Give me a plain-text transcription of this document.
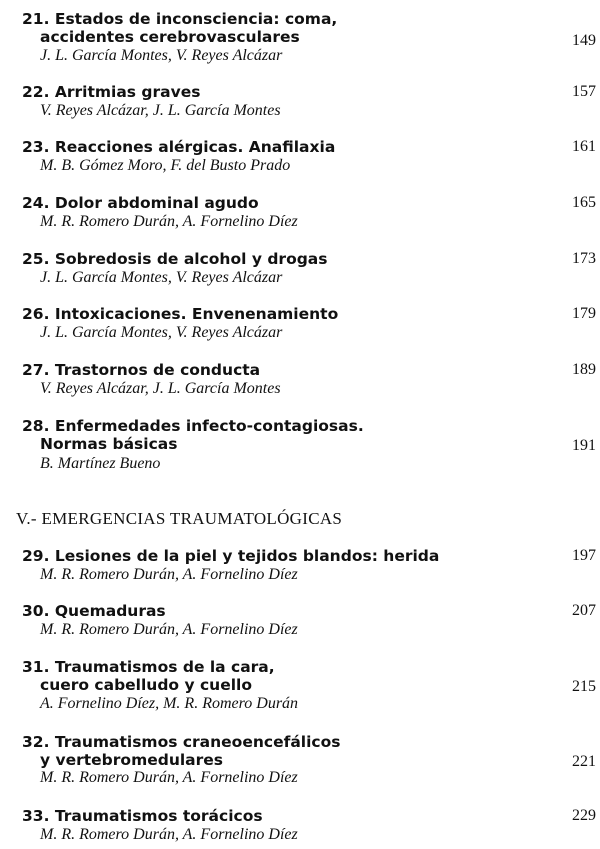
21. Estados de inconsciencia: coma,
accidentes cerebrovasculares	149
J. L. García Montes, V. Reyes Alcázar
22. Arritmias graves	157
V. Reyes Alcázar, J. L. García Montes
23. Reacciones alérgicas. Anafilaxia	161
M. B. Gómez Moro, F. del Busto Prado
24. Dolor abdominal agudo	165
M. R. Romero Durán, A. Fornelino Díez
25. Sobredosis de alcohol y drogas	173
J. L. García Montes, V. Reyes Alcázar
26. Intoxicaciones. Envenenamiento	179
J. L. García Montes, V. Reyes Alcázar
27. Trastornos de conducta	189
V. Reyes Alcázar, J. L. García Montes
28. Enfermedades infecto-contagiosas.
Normas básicas	191
B. Martínez Bueno
V.- EMERGENCIAS TRAUMATOLÓGICAS
29. Lesiones de la piel y tejidos blandos: herida	197
M. R. Romero Durán, A. Fornelino Díez
30. Quemaduras	207
M. R. Romero Durán, A. Fornelino Díez
31. Traumatismos de la cara,
cuero cabelludo y cuello	215
A. Fornelino Díez, M. R. Romero Durán
32. Traumatismos craneoencefálicos
y vertebromedulares	221
M. R. Romero Durán, A. Fornelino Díez
33. Traumatismos torácicos	229
M. R. Romero Durán, A. Fornelino Díez
